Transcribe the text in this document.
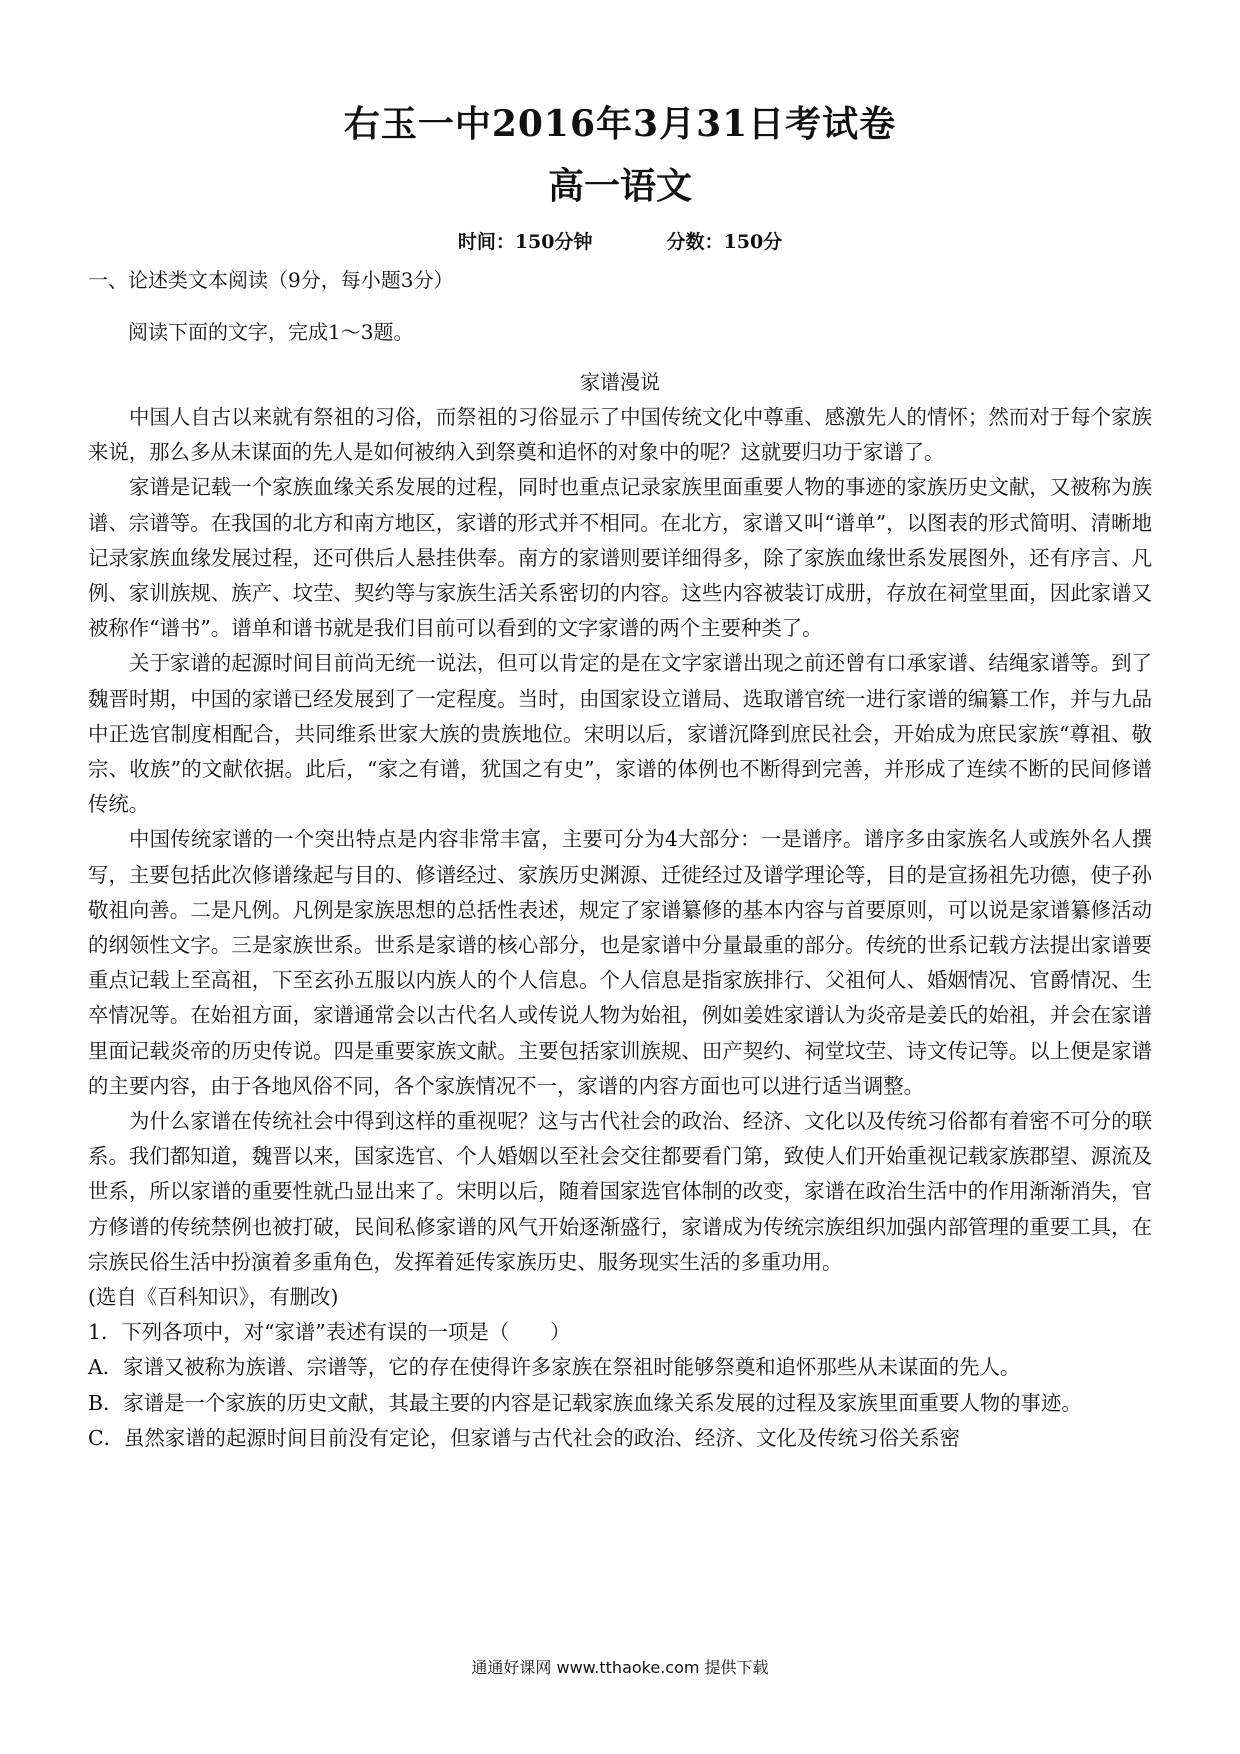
右玉一中2016年3月31日考试卷
高一语文
时间：150分钟	分数：150分

一、论述类文本阅读（9分，每小题3分）

阅读下面的文字，完成1～3题。

家谱漫说

中国人自古以来就有祭祖的习俗，而祭祖的习俗显示了中国传统文化中尊重、感激先人的情怀；然而对于每个家族来说，那么多从未谋面的先人是如何被纳入到祭奠和追怀的对象中的呢？这就要归功于家谱了。

家谱是记载一个家族血缘关系发展的过程，同时也重点记录家族里面重要人物的事迹的家族历史文献，又被称为族谱、宗谱等。在我国的北方和南方地区，家谱的形式并不相同。在北方，家谱又叫“谱单”，以图表的形式简明、清晰地记录家族血缘发展过程，还可供后人悬挂供奉。南方的家谱则要详细得多，除了家族血缘世系发展图外，还有序言、凡例、家训族规、族产、坟茔、契约等与家族生活关系密切的内容。这些内容被装订成册，存放在祠堂里面，因此家谱又被称作“谱书”。谱单和谱书就是我们目前可以看到的文字家谱的两个主要种类了。

关于家谱的起源时间目前尚无统一说法，但可以肯定的是在文字家谱出现之前还曾有口承家谱、结绳家谱等。到了魏晋时期，中国的家谱已经发展到了一定程度。当时，由国家设立谱局、选取谱官统一进行家谱的编纂工作，并与九品中正选官制度相配合，共同维系世家大族的贵族地位。宋明以后，家谱沉降到庶民社会，开始成为庶民家族“尊祖、敬宗、收族”的文献依据。此后，“家之有谱，犹国之有史”，家谱的体例也不断得到完善，并形成了连续不断的民间修谱传统。

中国传统家谱的一个突出特点是内容非常丰富，主要可分为4大部分：一是谱序。谱序多由家族名人或族外名人撰写，主要包括此次修谱缘起与目的、修谱经过、家族历史渊源、迁徙经过及谱学理论等，目的是宣扬祖先功德，使子孙敬祖向善。二是凡例。凡例是家族思想的总括性表述，规定了家谱纂修的基本内容与首要原则，可以说是家谱纂修活动的纲领性文字。三是家族世系。世系是家谱的核心部分，也是家谱中分量最重的部分。传统的世系记载方法提出家谱要重点记载上至高祖，下至玄孙五服以内族人的个人信息。个人信息是指家族排行、父祖何人、婚姻情况、官爵情况、生卒情况等。在始祖方面，家谱通常会以古代名人或传说人物为始祖，例如姜姓家谱认为炎帝是姜氏的始祖，并会在家谱里面记载炎帝的历史传说。四是重要家族文献。主要包括家训族规、田产契约、祠堂坟茔、诗文传记等。以上便是家谱的主要内容，由于各地风俗不同，各个家族情况不一，家谱的内容方面也可以进行适当调整。

为什么家谱在传统社会中得到这样的重视呢？这与古代社会的政治、经济、文化以及传统习俗都有着密不可分的联系。我们都知道，魏晋以来，国家选官、个人婚姻以至社会交往都要看门第，致使人们开始重视记载家族郡望、源流及世系，所以家谱的重要性就凸显出来了。宋明以后，随着国家选官体制的改变，家谱在政治生活中的作用渐渐消失，官方修谱的传统禁例也被打破，民间私修家谱的风气开始逐渐盛行，家谱成为传统宗族组织加强内部管理的重要工具，在宗族民俗生活中扮演着多重角色，发挥着延传家族历史、服务现实生活的多重功用。

(选自《百科知识》，有删改)

1．下列各项中，对“家谱”表述有误的一项是（　　）

A．家谱又被称为族谱、宗谱等，它的存在使得许多家族在祭祖时能够祭奠和追怀那些从未谋面的先人。

B．家谱是一个家族的历史文献，其最主要的内容是记载家族血缘关系发展的过程及家族里面重要人物的事迹。

C．虽然家谱的起源时间目前没有定论，但家谱与古代社会的政治、经济、文化及传统习俗关系密

通通好课网 www.tthaoke.com 提供下载
